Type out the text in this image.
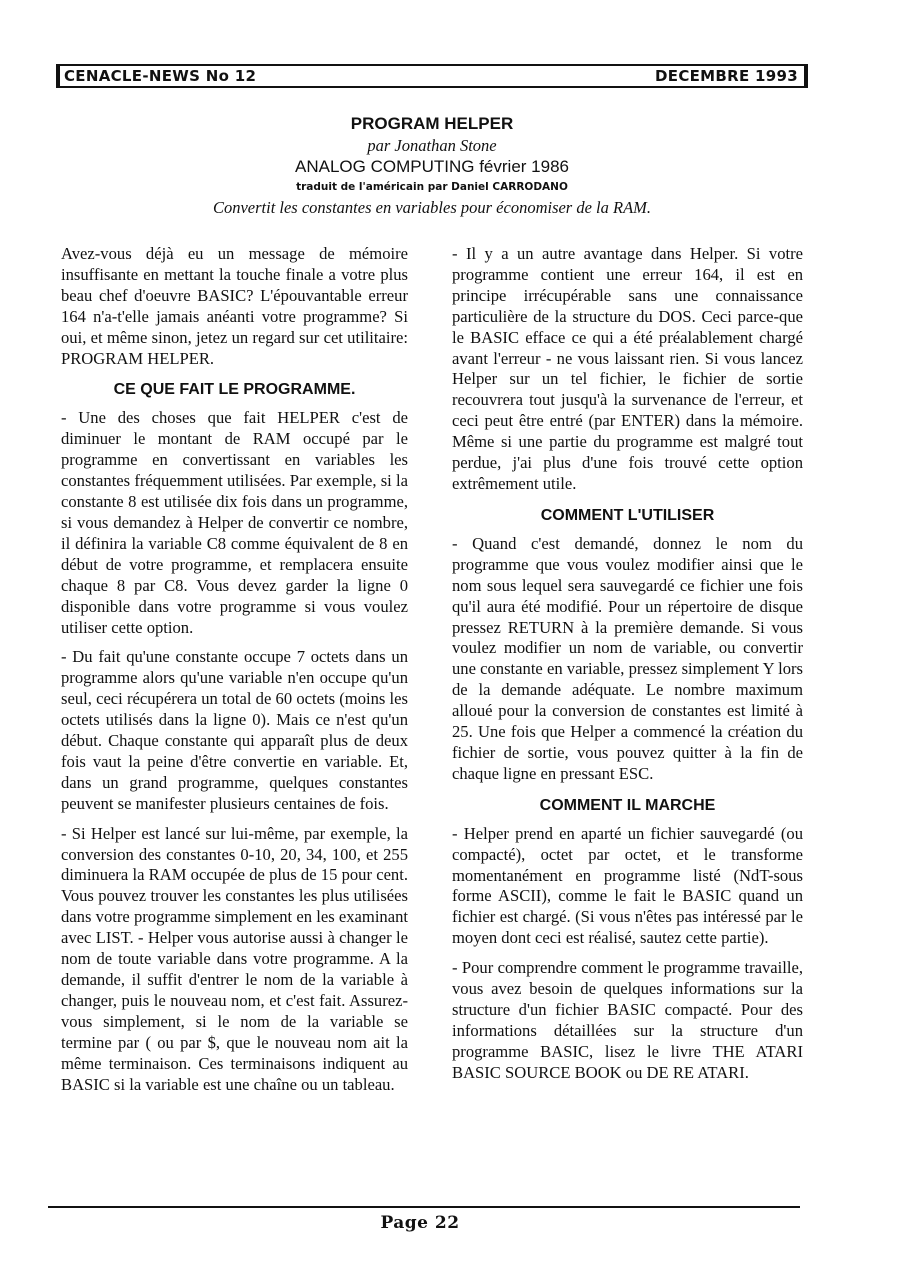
CENACLE-NEWS No 12	DECEMBRE 1993
PROGRAM HELPER
par Jonathan Stone
ANALOG COMPUTING février 1986
traduit de l'américain par Daniel CARRODANO
Convertit les constantes en variables pour économiser de la RAM.

Avez-vous déjà eu un message de mémoire insuffisante en mettant la touche finale a votre plus beau chef d'oeuvre BASIC? L'épouvantable erreur 164 n'a-t'elle jamais anéanti votre programme? Si oui, et même sinon, jetez un regard sur cet utilitaire: PROGRAM HELPER.

CE QUE FAIT LE PROGRAMME.

- Une des choses que fait HELPER c'est de diminuer le montant de RAM occupé par le programme en convertissant en variables les constantes fréquemment utilisées. Par exemple, si la constante 8 est utilisée dix fois dans un programme, si vous demandez à Helper de convertir ce nombre, il définira la variable C8 comme équivalent de 8 en début de votre programme, et remplacera ensuite chaque 8 par C8. Vous devez garder la ligne 0 disponible dans votre programme si vous voulez utiliser cette option.

- Du fait qu'une constante occupe 7 octets dans un programme alors qu'une variable n'en occupe qu'un seul, ceci récupérera un total de 60 octets (moins les octets utilisés dans la ligne 0). Mais ce n'est qu'un début. Chaque constante qui apparaît plus de deux fois vaut la peine d'être convertie en variable. Et, dans un grand programme, quelques constantes peuvent se manifester plusieurs centaines de fois.

- Si Helper est lancé sur lui-même, par exemple, la conversion des constantes 0-10, 20, 34, 100, et 255 diminuera la RAM occupée de plus de 15 pour cent. Vous pouvez trouver les constantes les plus utilisées dans votre programme simplement en les examinant avec LIST. - Helper vous autorise aussi à changer le nom de toute variable dans votre programme. A la demande, il suffit d'entrer le nom de la variable à changer, puis le nouveau nom, et c'est fait. Assurez-vous simplement, si le nom de la variable se termine par ( ou par $, que le nouveau nom ait la même terminaison. Ces terminaisons indiquent au BASIC si la variable est une chaîne ou un tableau.

- Il y a un autre avantage dans Helper. Si votre programme contient une erreur 164, il est en principe irrécupérable sans une connaissance particulière de la structure du DOS. Ceci parce-que le BASIC efface ce qui a été préalablement chargé avant l'erreur - ne vous laissant rien. Si vous lancez Helper sur un tel fichier, le fichier de sortie recouvrera tout jusqu'à la survenance de l'erreur, et ceci peut être entré (par ENTER) dans la mémoire. Même si une partie du programme est malgré tout perdue, j'ai plus d'une fois trouvé cette option extrêmement utile.

COMMENT L'UTILISER

- Quand c'est demandé, donnez le nom du programme que vous voulez modifier ainsi que le nom sous lequel sera sauvegardé ce fichier une fois qu'il aura été modifié. Pour un répertoire de disque pressez RETURN à la première demande. Si vous voulez modifier un nom de variable, ou convertir une constante en variable, pressez simplement Y lors de la demande adéquate. Le nombre maximum alloué pour la conversion de constantes est limité à 25. Une fois que Helper a commencé la création du fichier de sortie, vous pouvez quitter à la fin de chaque ligne en pressant ESC.

COMMENT IL MARCHE

- Helper prend en aparté un fichier sauvegardé (ou compacté), octet par octet, et le transforme momentanément en programme listé (NdT-sous forme ASCII), comme le fait le BASIC quand un fichier est chargé. (Si vous n'êtes pas intéressé par le moyen dont ceci est réalisé, sautez cette partie).

- Pour comprendre comment le programme travaille, vous avez besoin de quelques informations sur la structure d'un fichier BASIC compacté. Pour des informations détaillées sur la structure d'un programme BASIC, lisez le livre THE ATARI BASIC SOURCE BOOK ou DE RE ATARI.

Page 22
